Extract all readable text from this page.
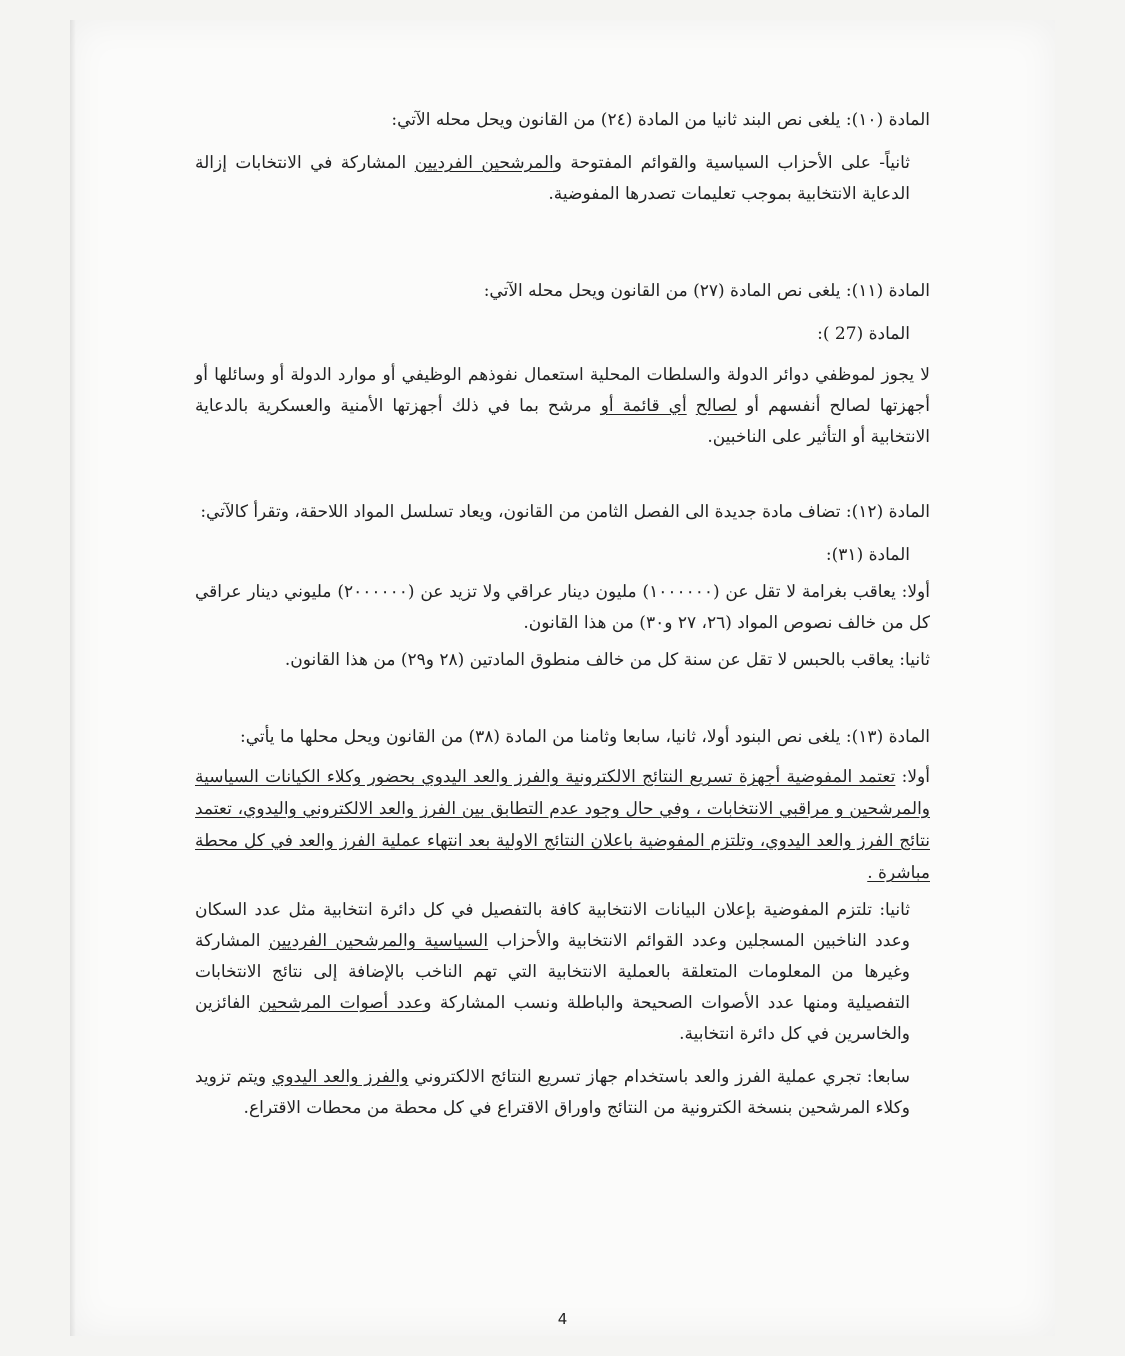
المادة (١٠): يلغى نص البند ثانيا من المادة (٢٤) من القانون ويحل محله الآتي:

ثانياً- على الأحزاب السياسية والقوائم المفتوحة والمرشحين الفرديين المشاركة في الانتخابات إزالة الدعاية الانتخابية بموجب تعليمات تصدرها المفوضية.

المادة (١١): يلغى نص المادة (٢٧) من القانون ويحل محله الآتي:

المادة (27 ):

لا يجوز لموظفي دوائر الدولة والسلطات المحلية استعمال نفوذهم الوظيفي أو موارد الدولة أو وسائلها أو أجهزتها لصالح أنفسهم أو لصالح أي قائمة أو مرشح بما في ذلك أجهزتها الأمنية والعسكرية بالدعاية الانتخابية أو التأثير على الناخبين.

المادة (١٢): تضاف مادة جديدة الى الفصل الثامن من القانون، ويعاد تسلسل المواد اللاحقة، وتقرأ كالآتي:

المادة (٣١):

أولا: يعاقب بغرامة لا تقل عن (١٠٠٠٠٠٠) مليون دينار عراقي ولا تزيد عن (٢٠٠٠٠٠٠) مليوني دينار عراقي كل من خالف نصوص المواد (٢٦، ٢٧ و٣٠) من هذا القانون.

ثانيا: يعاقب بالحبس لا تقل عن سنة كل من خالف منطوق المادتين (٢٨ و٢٩) من هذا القانون.

المادة (١٣): يلغى نص البنود أولا، ثانيا، سابعا وثامنا من المادة (٣٨) من القانون ويحل محلها ما يأتي:

أولا: تعتمد المفوضية أجهزة تسريع النتائج الالكترونية والفرز والعد اليدوي بحضور وكلاء الكيانات السياسية والمرشحين و مراقبي الانتخابات ، وفي حال وجود عدم التطابق بين الفرز والعد الالكتروني واليدوي، تعتمد نتائج الفرز والعد اليدوي، وتلتزم المفوضية باعلان النتائج الاولية بعد انتهاء عملية الفرز والعد في كل محطة مباشرة .

ثانيا: تلتزم المفوضية بإعلان البيانات الانتخابية كافة بالتفصيل في كل دائرة انتخابية مثل عدد السكان وعدد الناخبين المسجلين وعدد القوائم الانتخابية والأحزاب السياسية والمرشحين الفرديين المشاركة وغيرها من المعلومات المتعلقة بالعملية الانتخابية التي تهم الناخب بالإضافة إلى نتائج الانتخابات التفصيلية ومنها عدد الأصوات الصحيحة والباطلة ونسب المشاركة وعدد أصوات المرشحين الفائزين والخاسرين في كل دائرة انتخابية.

سابعا: تجري عملية الفرز والعد باستخدام جهاز تسريع النتائج الالكتروني والفرز والعد اليدوي ويتم تزويد وكلاء المرشحين بنسخة الكترونية من النتائج واوراق الاقتراع في كل محطة من محطات الاقتراع.

4
